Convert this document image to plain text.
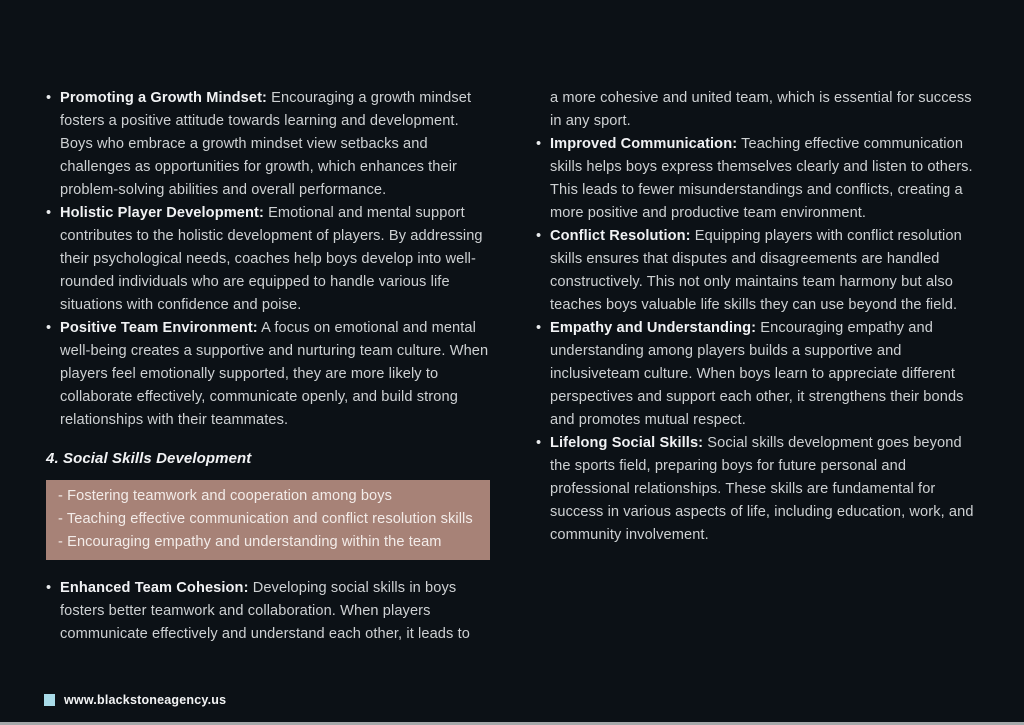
• Promoting a Growth Mindset: Encouraging a growth mindset fosters a positive attitude towards learning and development. Boys who embrace a growth mindset view setbacks and challenges as opportunities for growth, which enhances their problem-solving abilities and overall performance.
• Holistic Player Development: Emotional and mental support contributes to the holistic development of players. By addressing their psychological needs, coaches help boys develop into well-rounded individuals who are equipped to handle various life situations with confidence and poise.
• Positive Team Environment: A focus on emotional and mental well-being creates a supportive and nurturing team culture. When players feel emotionally supported, they are more likely to collaborate effectively, communicate openly, and build strong relationships with their teammates.
4. Social Skills Development
- Fostering teamwork and cooperation among boys
- Teaching effective communication and conflict resolution skills
- Encouraging empathy and understanding within the team
• Enhanced Team Cohesion: Developing social skills in boys fosters better teamwork and collaboration. When players communicate effectively and understand each other, it leads to
a more cohesive and united team, which is essential for success in any sport.
• Improved Communication: Teaching effective communication skills helps boys express themselves clearly and listen to others. This leads to fewer misunderstandings and conflicts, creating a more positive and productive team environment.
• Conflict Resolution: Equipping players with conflict resolution skills ensures that disputes and disagreements are handled constructively. This not only maintains team harmony but also teaches boys valuable life skills they can use beyond the field.
• Empathy and Understanding: Encouraging empathy and understanding among players builds a supportive and inclusiveteam culture. When boys learn to appreciate different perspectives and support each other, it strengthens their bonds and promotes mutual respect.
• Lifelong Social Skills: Social skills development goes beyond the sports field, preparing boys for future personal and professional relationships. These skills are fundamental for success in various aspects of life, including education, work, and community involvement.
www.blackstoneagency.us
